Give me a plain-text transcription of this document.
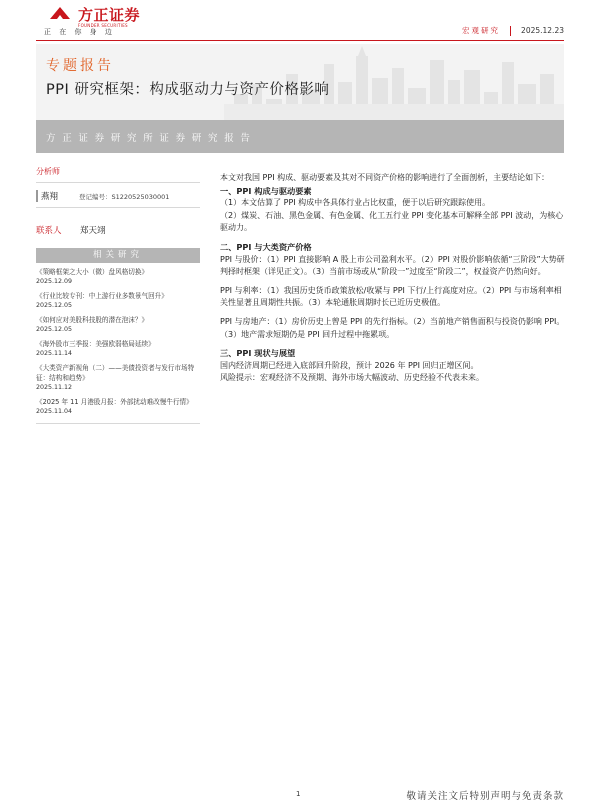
方正证券
FOUNDER SECURITIES
正 在 你 身 边	宏观研究	2025.12.23
专题报告
PPI 研究框架：构成驱动力与资产价格影响
方正证券研究所证券研究报告
分析师
燕翔	登记编号：S1220525030001
联系人	郑天翊
相关研究
《策略框架之大小（微）盘风格切换》
2025.12.09
《行业比较专刊：中上游行业多数景气回升》
2025.12.05
《如何应对美股科技股的潜在泡沫？》
2025.12.05
《海外股市三季报：美强欧弱格局延续》
2025.11.14
《大类资产新视角（二）——美债投资者与发行市场特征：结构和趋势》
2025.11.12
《2025 年 11 月港股月报：外部扰动难改慢牛行情》
2025.11.04

本文对我国 PPI 构成、驱动要素及其对不同资产价格的影响进行了全面剖析，主要结论如下：

一、PPI 构成与驱动要素

（1）本文估算了 PPI 构成中各具体行业占比权重，便于以后研究跟踪使用。

（2）煤炭、石油、黑色金属、有色金属、化工五行业 PPI 变化基本可解释全部 PPI 波动，为核心驱动力。

二、PPI 与大类资产价格

PPI 与股价：（1）PPI 直接影响 A 股上市公司盈利水平。（2）PPI 对股价影响依循“三阶段”大势研判择时框架（详见正文）。（3）当前市场或从“阶段一”过度至“阶段二”，权益资产仍然向好。

PPI 与利率：（1）我国历史货币政策放松/收紧与 PPI 下行/上行高度对应。（2）PPI 与市场利率相关性显著且周期性共振。（3）本轮通胀周期时长已近历史极值。

PPI 与房地产：（1）房价历史上曾是 PPI 的先行指标。（2）当前地产销售面积与投资仍影响 PPI。（3）地产需求短期仍是 PPI 回升过程中拖累项。

三、PPI 现状与展望

国内经济周期已经进入底部回升阶段，预计 2026 年 PPI 回归正增区间。

风险提示：宏观经济不及预期、海外市场大幅波动、历史经验不代表未来。

1	敬请关注文后特别声明与免责条款
